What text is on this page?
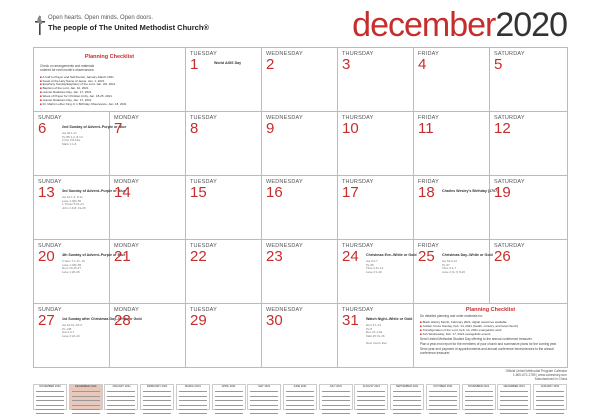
Open hearts. Open minds. Open doors.
The people of The United Methodist Church®	december2020
Planning Checklist
Check on arrangements and materials ordered for next month's observances:
■ A Call to Prayer and Self-Denial, January-March 2021
■ Feast of the Holy Name of Jesus, Jan. 1, 2021
■ Epiphany Sunday/Epiphany of the Lord, Jan. 3/6, 2021
■ Baptism of the Lord, Jan. 10, 2021
■ Human Relations Day, Jan. 17, 2021
■ Week of Prayer for Christian Unity, Jan. 18-25, 2021
■ Human Relations Day, Jan. 17, 2021
■ Dr. Martin Luther King Jr.'s Birthday Observance, Jan. 18, 2021
Planning Checklist
Do detailed planning and order materials for:
■ Black History Month, February 2021; digital resources available
■ Golden Cross Sunday, Feb. 14, 2021 (health, ministry, and local church)
■ Transfiguration of the Lord, Feb. 14, 2021 evangelistic work
■ Ash Wednesday, Feb. 17, 2021 evangelistic events
Send United Methodist Student Day offering to the annual conference treasurer.
Plan a year-end report for the members of your church and summarize plans for the coming year.
Send year-end payment of apportionments and annual conference benevolences to the annual conference treasurer.
TUESDAY
1	World AIDS Day
WEDNESDAY
2
THURSDAY
3
FRIDAY
4
SATURDAY
5
SUNDAY
6	2nd Sunday of Advent–Purple or Blue
Isa 40:1-11
Ps 85:1-2, 8-13
2 Pet 3:8-15a
Mark 1:1-8
MONDAY
7
TUESDAY
8
WEDNESDAY
9
THURSDAY
10
FRIDAY
11
SATURDAY
12
SUNDAY
13 3rd Sunday of Advent–Purple or Blue
Isa 61:1-4, 8-11
Luke 1:46b-55
1 Thess 5:16-24
John 1:6-8, 19-28
MONDAY
14
TUESDAY
15
WEDNESDAY
16
THURSDAY
17
FRIDAY
18 Charles Wesley's Birthday (1707)
SATURDAY
19
SUNDAY
20 4th Sunday of Advent–Purple or Blue
2 Sam 7:1-11, 16
Luke 1:46b-55
Rom 16:25-27
Luke 1:26-38
MONDAY
21
TUESDAY
22
WEDNESDAY
23
THURSDAY
24 Christmas Eve–White or Gold
Isa 9:2-7
Ps 96
Titus 2:11-14
Luke 2:1-20
FRIDAY
25 Christmas Day–White or Gold
Isa 62:6-12
Ps 97
Titus 3:4-7
Luke 2:(1-7) 8-20
SATURDAY
26
SUNDAY
27 1st Sunday after Christmas Day–White or Gold
Isa 61:10–62:3
Ps 148
Gal 4:4-7
Luke 2:22-40
MONDAY
28
TUESDAY
29
WEDNESDAY
30
THURSDAY
31 Watch Night–White or Gold
Eccl 3:1-13
Ps 8
Rev 21:1-6a
Matt 25:31-46

New Year's Eve
Official United Methodist Program Calendar
1-800-672-1789 | www.cokesbury.com
Manufactured in China
NOVEMBER 2020	DECEMBER 2020	JANUARY 2021	FEBRUARY 2021	MARCH 2021	APRIL 2021	MAY 2021	JUNE 2021	JULY 2021	AUGUST 2021	SEPTEMBER 2021	OCTOBER 2021	NOVEMBER 2021	DECEMBER 2021	JANUARY 2022
